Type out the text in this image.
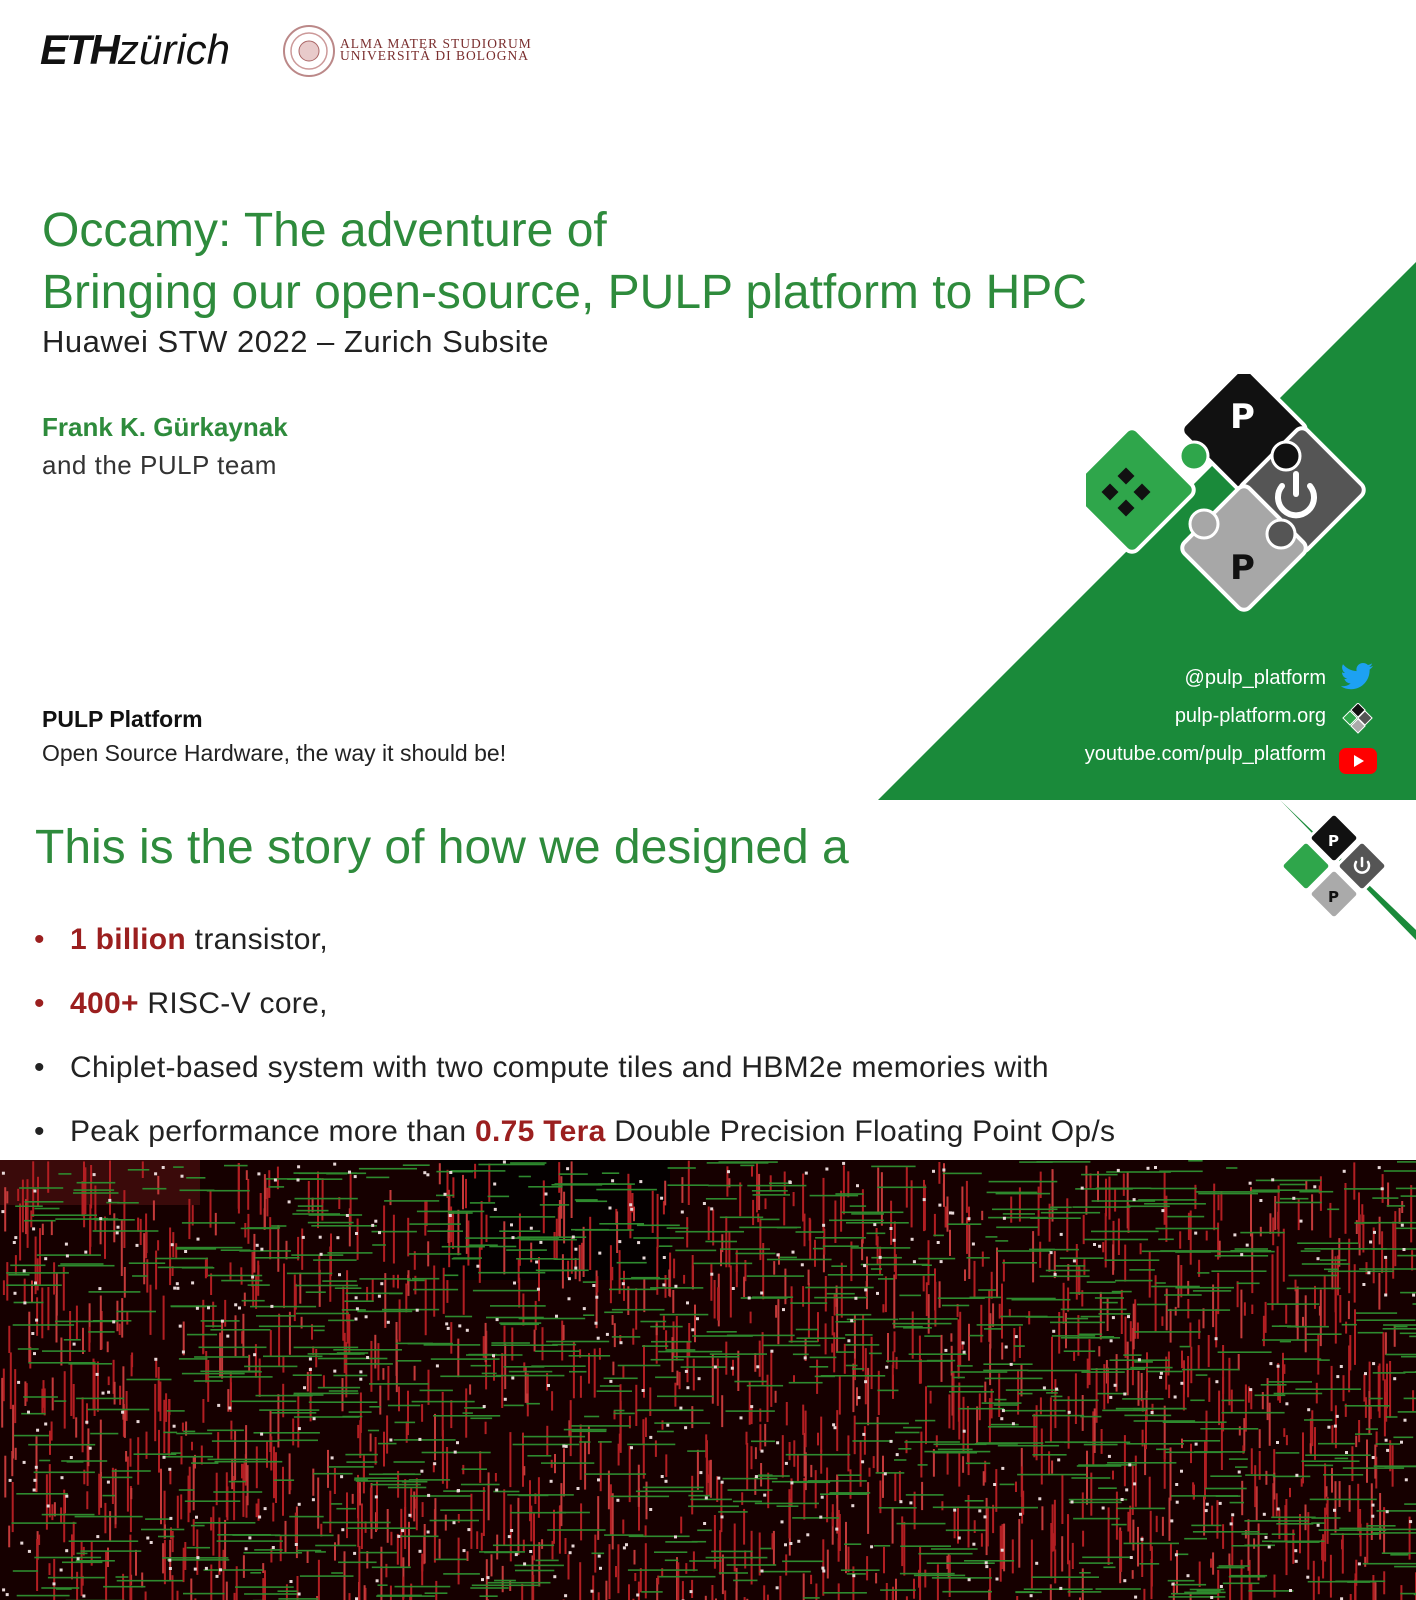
ETHzürich	ALMA MATER STUDIORUM
UNIVERSITÀ DI BOLOGNA
Occamy: The adventure of
Bringing our open-source, PULP platform to HPC
Huawei STW 2022 – Zurich Subsite
Frank K. Gürkaynak
and the PULP team
PULP Platform
Open Source Hardware, the way it should be!
P
P
@pulp_platform
pulp-platform.org
youtube.com/pulp_platform
P
P
This is the story of how we designed a
• 1 billion transistor,
• 400+ RISC-V core,
• Chiplet-based system with two compute tiles and HBM2e memories with
• Peak performance more than 0.75 Tera Double Precision Floating Point Op/s
